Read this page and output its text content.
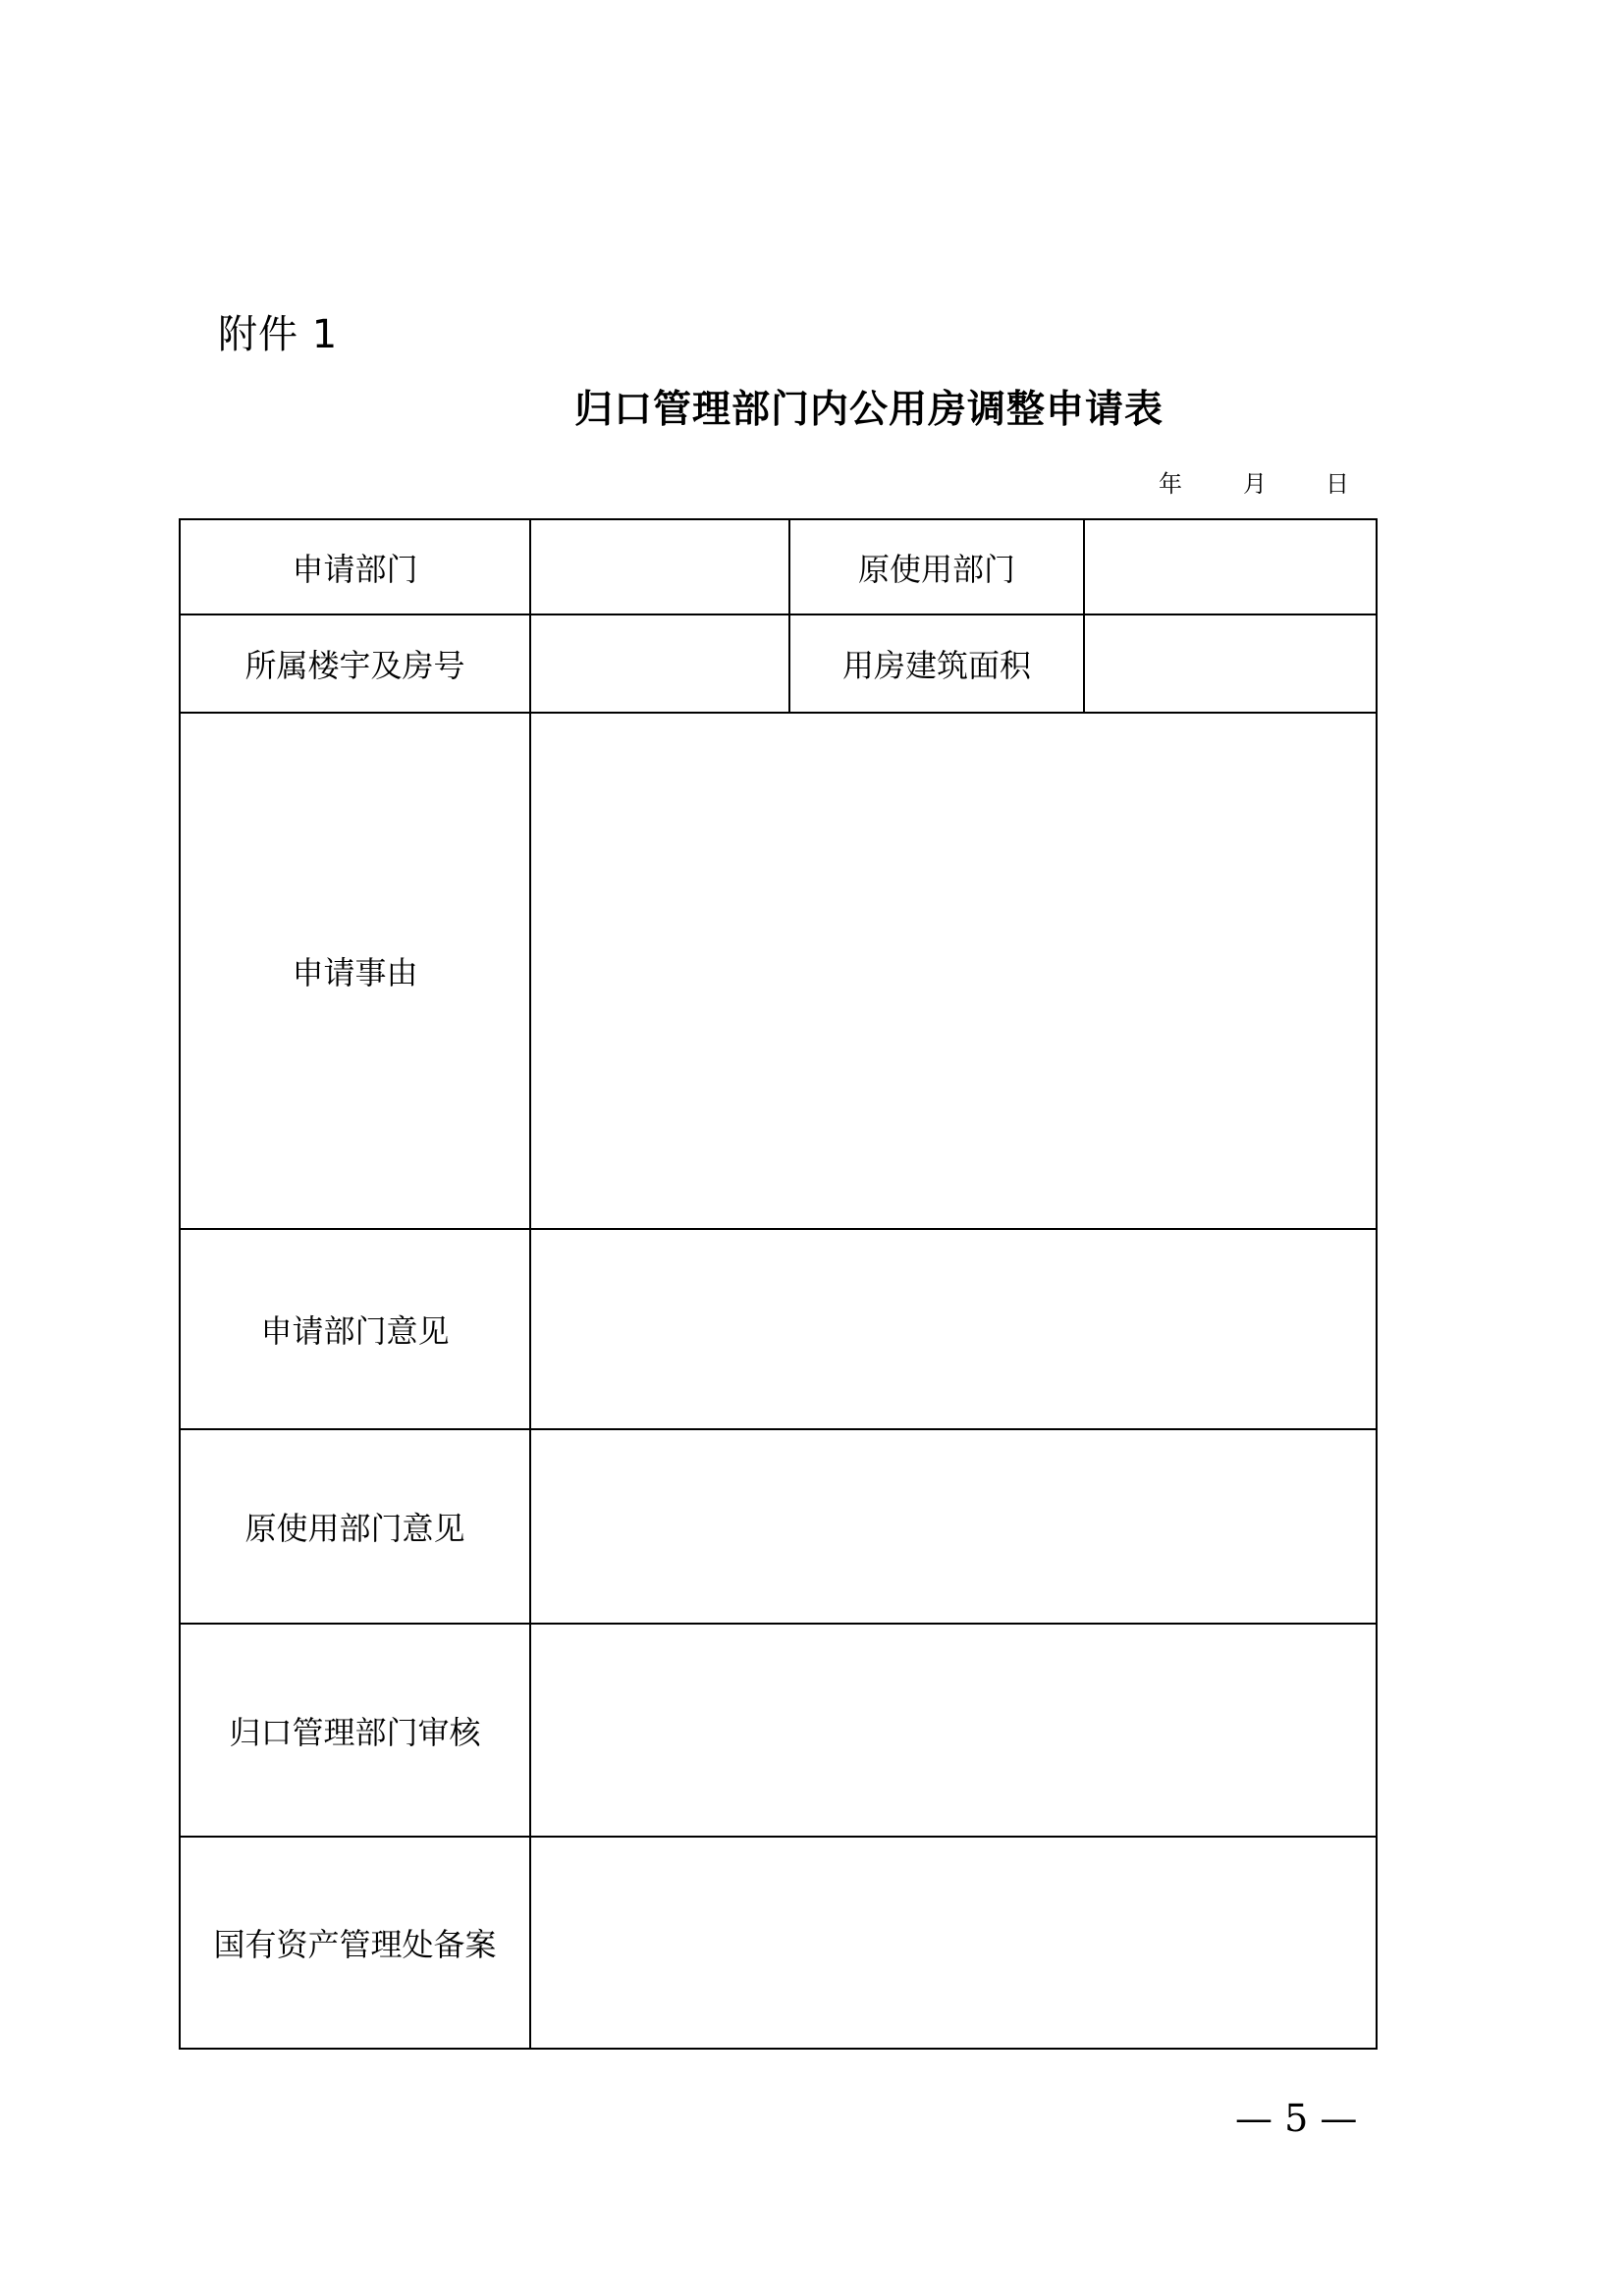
附件 1
归口管理部门内公用房调整申请表
年	月	日
申请部门		原使用部门	
所属楼宇及房号		用房建筑面积	
申请事由			
申请部门意见			
原使用部门意见			
归口管理部门审核			
国有资产管理处备案			
— 5 —
